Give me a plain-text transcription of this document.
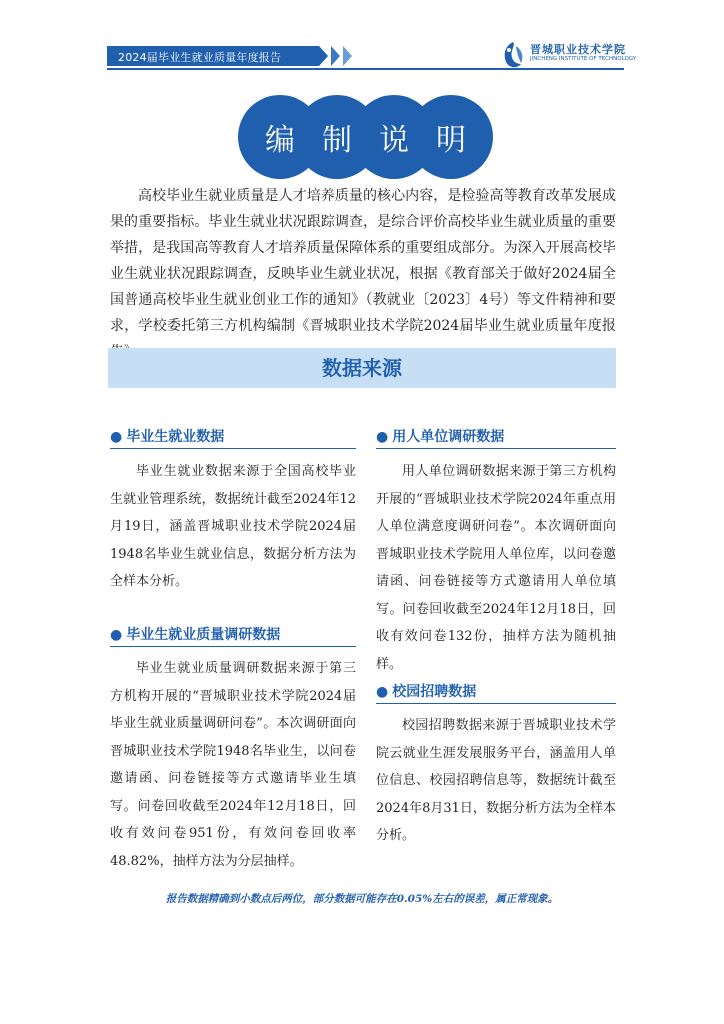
2024届毕业生就业质量年度报告
晋城职业技术学院
JINCHENG INSTITUTE OF TECHNOLOGY
编 制 说 明

高校毕业生就业质量是人才培养质量的核心内容，是检验高等教育改革发展成果的重要指标。毕业生就业状况跟踪调查，是综合评价高校毕业生就业质量的重要举措，是我国高等教育人才培养质量保障体系的重要组成部分。为深入开展高校毕业生就业状况跟踪调查，反映毕业生就业状况，根据《教育部关于做好2024届全国普通高校毕业生就业创业工作的通知》（教就业〔2023〕4号）等文件精神和要求，学校委托第三方机构编制《晋城职业技术学院2024届毕业生就业质量年度报

数据来源
● 毕业生就业数据

毕业生就业数据来源于全国高校毕业生就业管理系统，数据统计截至2024年12月19日，涵盖晋城职业技术学院2024届1948名毕业生就业信息，数据分析方法为全样本分析。

● 毕业生就业质量调研数据

毕业生就业质量调研数据来源于第三方机构开展的“晋城职业技术学院2024届毕业生就业质量调研问卷”。本次调研面向晋城职业技术学院1948名毕业生，以问卷邀请函、问卷链接等方式邀请毕业生填写。问卷回收截至2024年12月18日，回收有效问卷951份，有效问卷回收率48.82%，抽样方法为分层抽样。

● 用人单位调研数据

用人单位调研数据来源于第三方机构开展的“晋城职业技术学院2024年重点用人单位满意度调研问卷”。本次调研面向晋城职业技术学院用人单位库，以问卷邀请函、问卷链接等方式邀请用人单位填写。问卷回收截至2024年12月18日，回收有效问卷132份，抽样方法为随机抽样。

● 校园招聘数据

校园招聘数据来源于晋城职业技术学院云就业生涯发展服务平台，涵盖用人单位信息、校园招聘信息等，数据统计截至2024年8月31日，数据分析方法为全样本分析。

报告数据精确到小数点后两位，部分数据可能存在0.05%左右的误差，属正常现象。
